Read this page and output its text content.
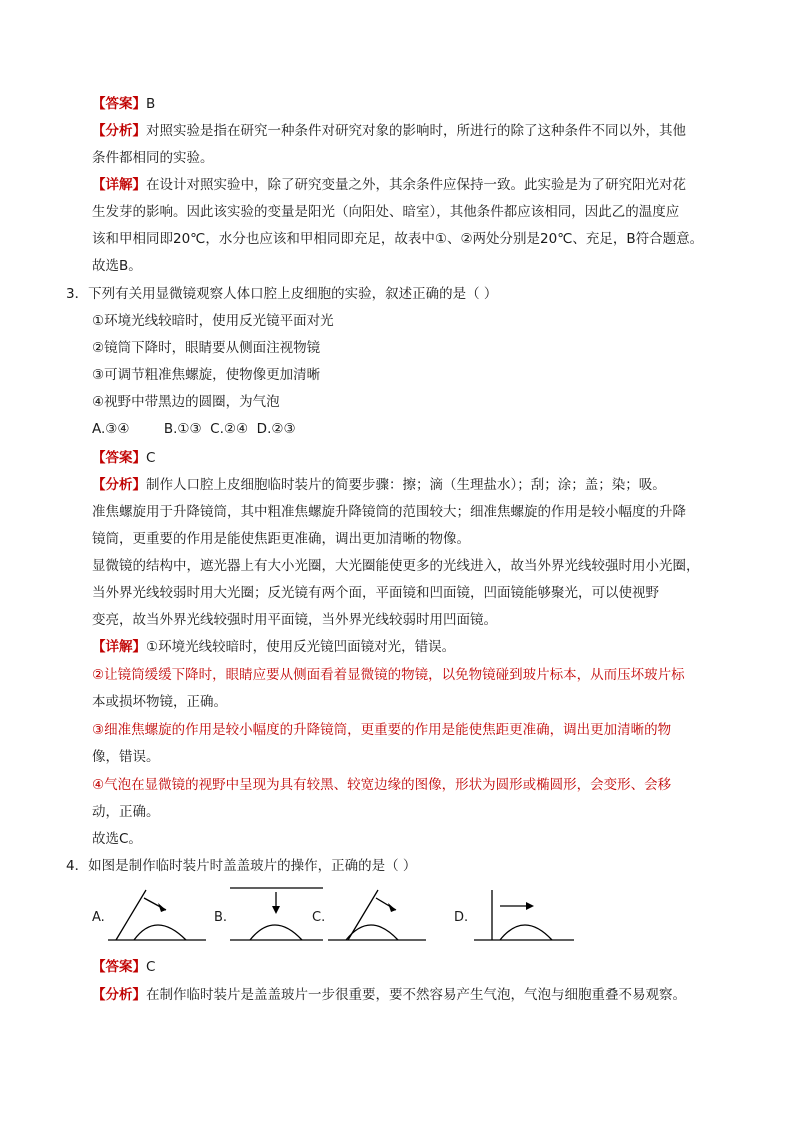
【答案】B
【分析】对照实验是指在研究一种条件对研究对象的影响时，所进行的除了这种条件不同以外，其他
条件都相同的实验。
【详解】在设计对照实验中，除了研究变量之外，其余条件应保持一致。此实验是为了研究阳光对花
生发芽的影响。因此该实验的变量是阳光（向阳处、暗室），其他条件都应该相同，因此乙的温度应
该和甲相同即20℃，水分也应该和甲相同即充足，故表中①、②两处分别是20℃、充足，B符合题意。
故选B。
3．下列有关用显微镜观察人体口腔上皮细胞的实验，叙述正确的是（ ）
①环境光线较暗时，使用反光镜平面对光
②镜筒下降时，眼睛要从侧面注视物镜
③可调节粗准焦螺旋，使物像更加清晰
④视野中带黑边的圆圈，为气泡
A.③④        B.①③  C.②④  D.②③
【答案】C
【分析】制作人口腔上皮细胞临时装片的简要步骤：擦；滴（生理盐水）；刮；涂；盖；染；吸。
准焦螺旋用于升降镜筒，其中粗准焦螺旋升降镜筒的范围较大；细准焦螺旋的作用是较小幅度的升降
镜筒，更重要的作用是能使焦距更准确，调出更加清晰的物像。
显微镜的结构中，遮光器上有大小光圈，大光圈能使更多的光线进入，故当外界光线较强时用小光圈，
当外界光线较弱时用大光圈；反光镜有两个面，平面镜和凹面镜，凹面镜能够聚光，可以使视野
变亮，故当外界光线较强时用平面镜，当外界光线较弱时用凹面镜。
【详解】①环境光线较暗时，使用反光镜凹面镜对光，错误。
②让镜筒缓缓下降时，眼睛应要从侧面看着显微镜的物镜，以免物镜碰到玻片标本，从而压坏玻片标
本或损坏物镜，正确。
③细准焦螺旋的作用是较小幅度的升降镜筒，更重要的作用是能使焦距更准确，调出更加清晰的物
像，错误。
④气泡在显微镜的视野中呈现为具有较黑、较宽边缘的图像，形状为圆形或椭圆形，会变形、会移
动，正确。
故选C。
4．如图是制作临时装片时盖盖玻片的操作，正确的是（ ）
A.	B.	C.	D.
【答案】C
【分析】在制作临时装片是盖盖玻片一步很重要，要不然容易产生气泡，气泡与细胞重叠不易观察。
